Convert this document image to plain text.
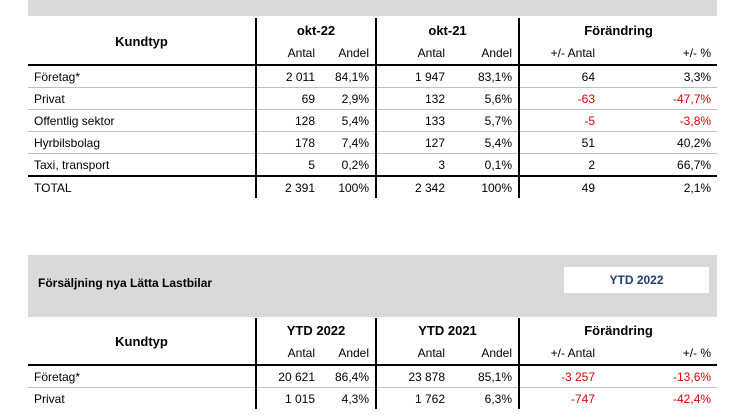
Kundtyp	okt-22		okt-21		Förändring	
	Antal	Andel	Antal	Andel	+/- Antal	+/- %
Företag*	2 011	84,1%	1 947	83,1%	64	3,3%
Privat	69	2,9%	132	5,6%	-63	-47,7%
Offentlig sektor	128	5,4%	133	5,7%	-5	-3,8%
Hyrbilsbolag	178	7,4%	127	5,4%	51	40,2%
Taxi, transport	5	0,2%	3	0,1%	2	66,7%
TOTAL	2 391	100%	2 342	100%	49	2,1%
Försäljning nya Lätta Lastbilar	YTD 2022
Kundtyp	YTD 2022		YTD 2021		Förändring	
	Antal	Andel	Antal	Andel	+/- Antal	+/- %
Företag*	20 621	86,4%	23 878	85,1%	-3 257	-13,6%
Privat	1 015	4,3%	1 762	6,3%	-747	-42,4%
